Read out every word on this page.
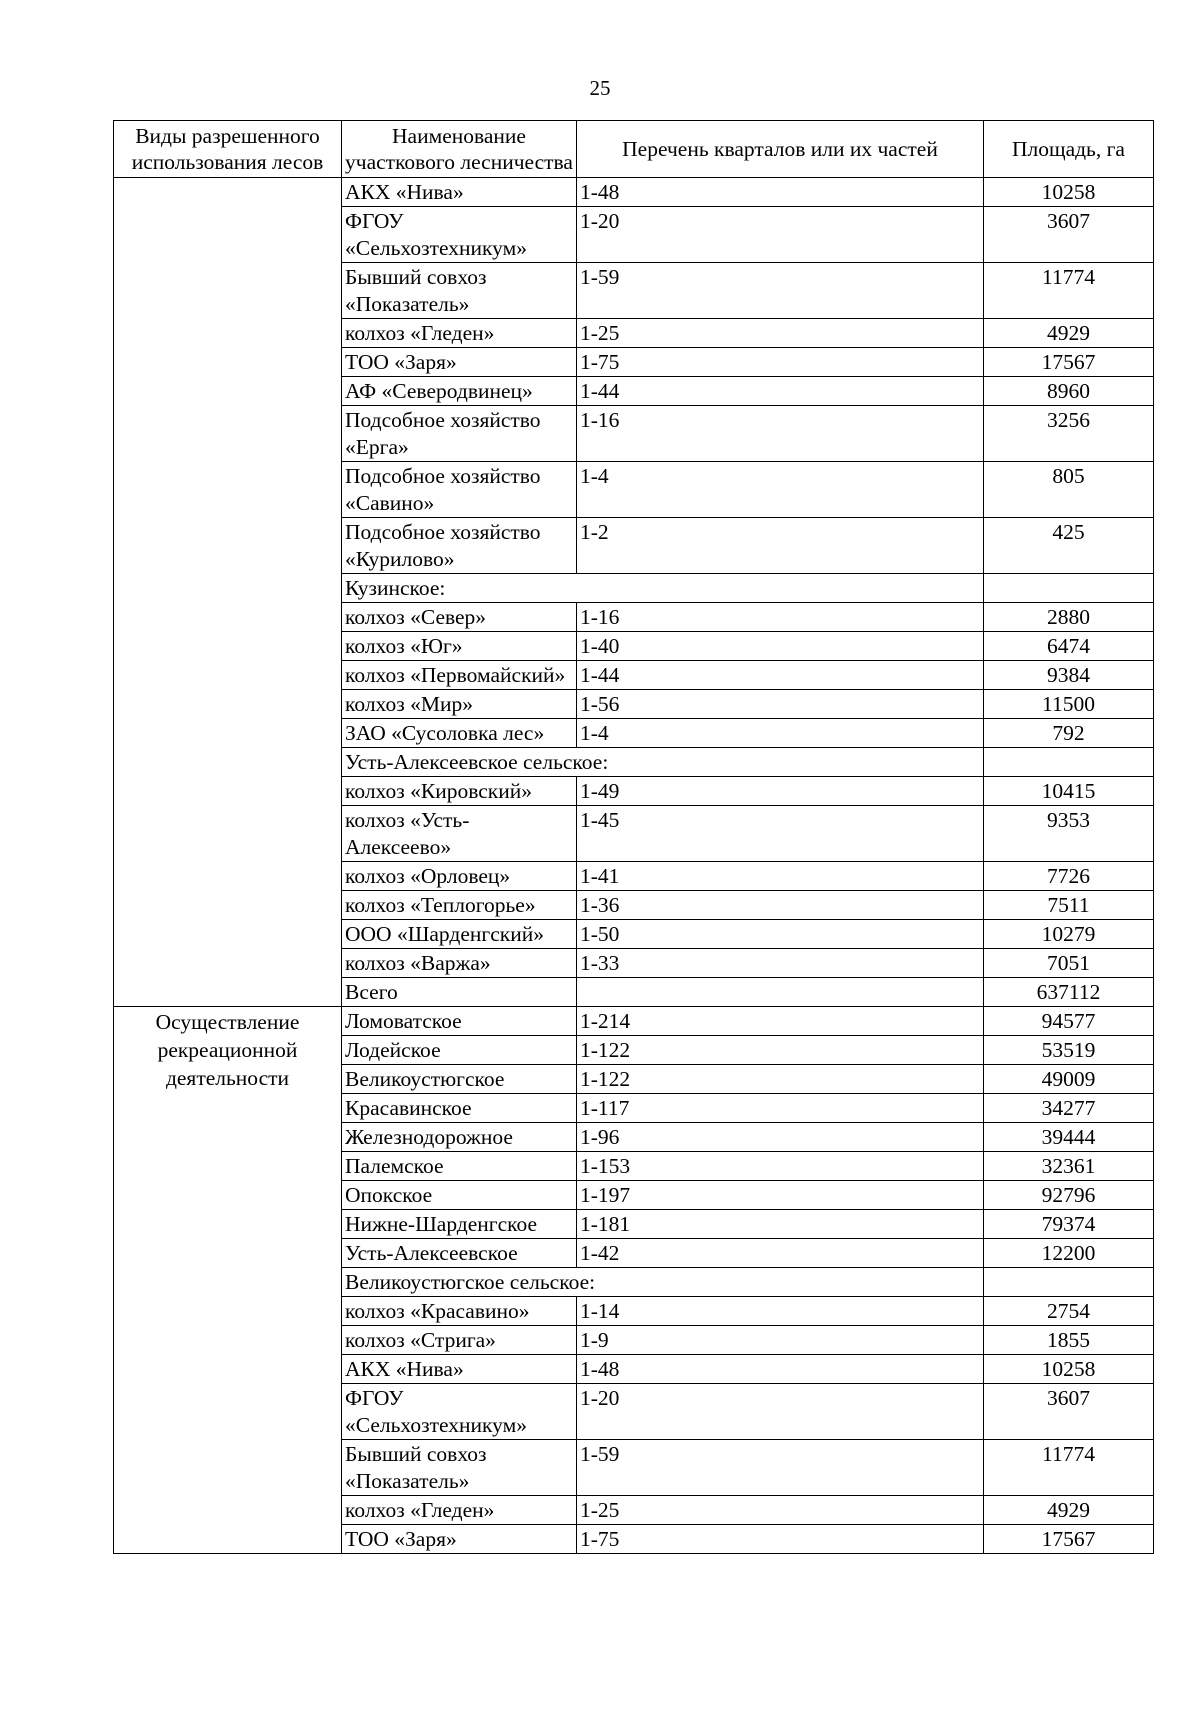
25
Виды разрешенного использования лесов	Наименование участкового лесничества	Перечень кварталов или их частей	Площадь, га
	АКХ «Нива»	1-48	10258
	ФГОУ «Сельхозтехникум»	1-20	3607
	Бывший совхоз «Показатель»	1-59	11774
	колхоз «Гледен»	1-25	4929
	ТОО «Заря»	1-75	17567
	АФ «Северодвинец»	1-44	8960
	Подсобное хозяйство «Ерга»	1-16	3256
	Подсобное хозяйство «Савино»	1-4	805
	Подсобное хозяйство «Курилово»	1-2	425
	Кузинское:		
	колхоз «Север»	1-16	2880
	колхоз «Юг»	1-40	6474
	колхоз «Первомайский»	1-44	9384
	колхоз «Мир»	1-56	11500
	ЗАО «Сусоловка лес»	1-4	792
	Усть-Алексеевское сельское:		
	колхоз «Кировский»	1-49	10415
	колхоз «Усть-Алексеево»	1-45	9353
	колхоз «Орловец»	1-41	7726
	колхоз «Теплогорье»	1-36	7511
	ООО «Шарденгский»	1-50	10279
	колхоз «Варжа»	1-33	7051
	Всего		637112
Осуществление рекреационной деятельности	Ломоватское	1-214	94577
	Лодейское	1-122	53519
	Великоустюгское	1-122	49009
	Красавинское	1-117	34277
	Железнодорожное	1-96	39444
	Палемское	1-153	32361
	Опокское	1-197	92796
	Нижне-Шарденгское	1-181	79374
	Усть-Алексеевское	1-42	12200
	Великоустюгское сельское:		
	колхоз «Красавино»	1-14	2754
	колхоз «Стрига»	1-9	1855
	АКХ «Нива»	1-48	10258
	ФГОУ «Сельхозтехникум»	1-20	3607
	Бывший совхоз «Показатель»	1-59	11774
	колхоз «Гледен»	1-25	4929
	ТОО «Заря»	1-75	17567
